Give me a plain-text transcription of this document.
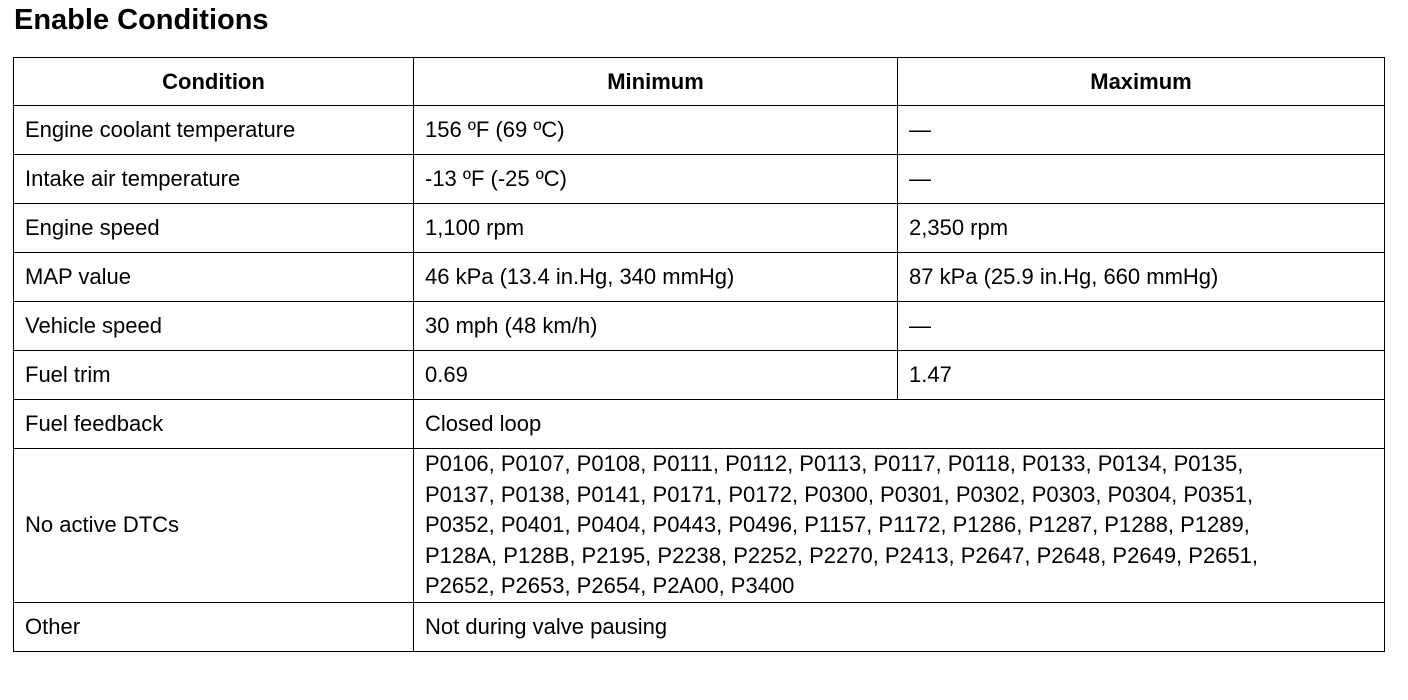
Enable Conditions
Condition	Minimum	Maximum
Engine coolant temperature	156 ºF (69 ºC)	—
Intake air temperature	-13 ºF (-25 ºC)	—
Engine speed	1,100 rpm	2,350 rpm
MAP value	46 kPa (13.4 in.Hg, 340 mmHg)	87 kPa (25.9 in.Hg, 660 mmHg)
Vehicle speed	30 mph (48 km/h)	—
Fuel trim	0.69	1.47
Fuel feedback	Closed loop	
No active DTCs	P0106, P0107, P0108, P0111, P0112, P0113, P0117, P0118, P0133, P0134, P0135,
P0137, P0138, P0141, P0171, P0172, P0300, P0301, P0302, P0303, P0304, P0351,
P0352, P0401, P0404, P0443, P0496, P1157, P1172, P1286, P1287, P1288, P1289,
P128A, P128B, P2195, P2238, P2252, P2270, P2413, P2647, P2648, P2649, P2651,
P2652, P2653, P2654, P2A00, P3400	

Other	Not during valve pausing	
